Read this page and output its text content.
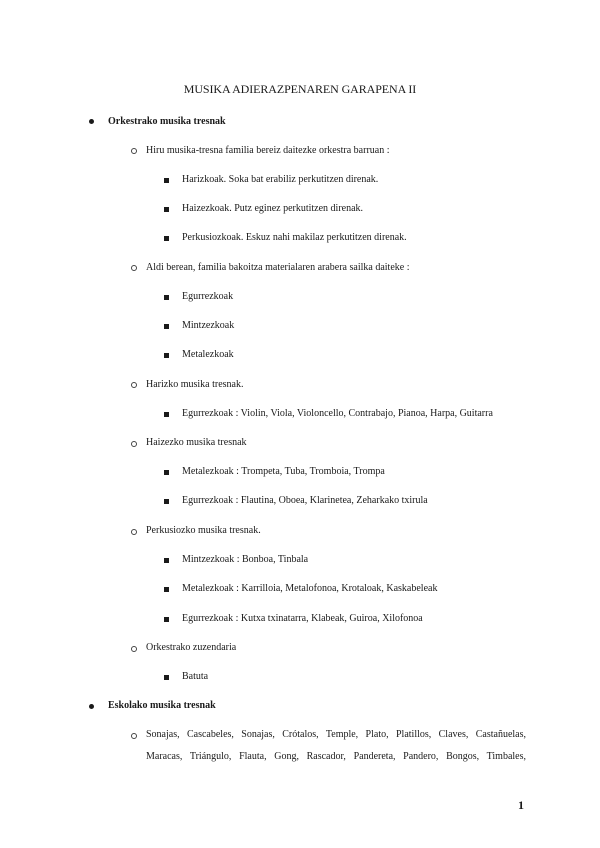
MUSIKA ADIERAZPENAREN GARAPENA II
Orkestrako musika tresnak
Hiru musika-tresna familia bereiz daitezke orkestra barruan :
Harizkoak. Soka bat erabiliz perkutitzen direnak.
Haizezkoak. Putz eginez perkutitzen direnak.
Perkusiozkoak. Eskuz nahi makilaz perkutitzen direnak.
Aldi berean, familia bakoitza materialaren arabera sailka daiteke :
Egurrezkoak
Mintzezkoak
Metalezkoak
Harizko musika tresnak.
Egurrezkoak : Violin, Viola, Violoncello, Contrabajo, Pianoa, Harpa, Guitarra
Haizezko musika tresnak
Metalezkoak : Trompeta, Tuba, Tromboia, Trompa
Egurrezkoak : Flautina, Oboea, Klarinetea, Zeharkako txirula
Perkusiozko musika tresnak.
Mintzezkoak : Bonboa, Tinbala
Metalezkoak : Karrilloia, Metalofonoa, Krotaloak, Kaskabeleak
Egurrezkoak : Kutxa txinatarra, Klabeak, Guiroa, Xilofonoa
Orkestrako zuzendaria
Batuta
Eskolako musika tresnak
Sonajas, Cascabeles, Sonajas, Crótalos, Temple, Plato, Platillos, Claves, Castañuelas,
Maracas, Triángulo, Flauta, Gong, Rascador, Pandereta, Pandero, Bongos, Timbales,
1
